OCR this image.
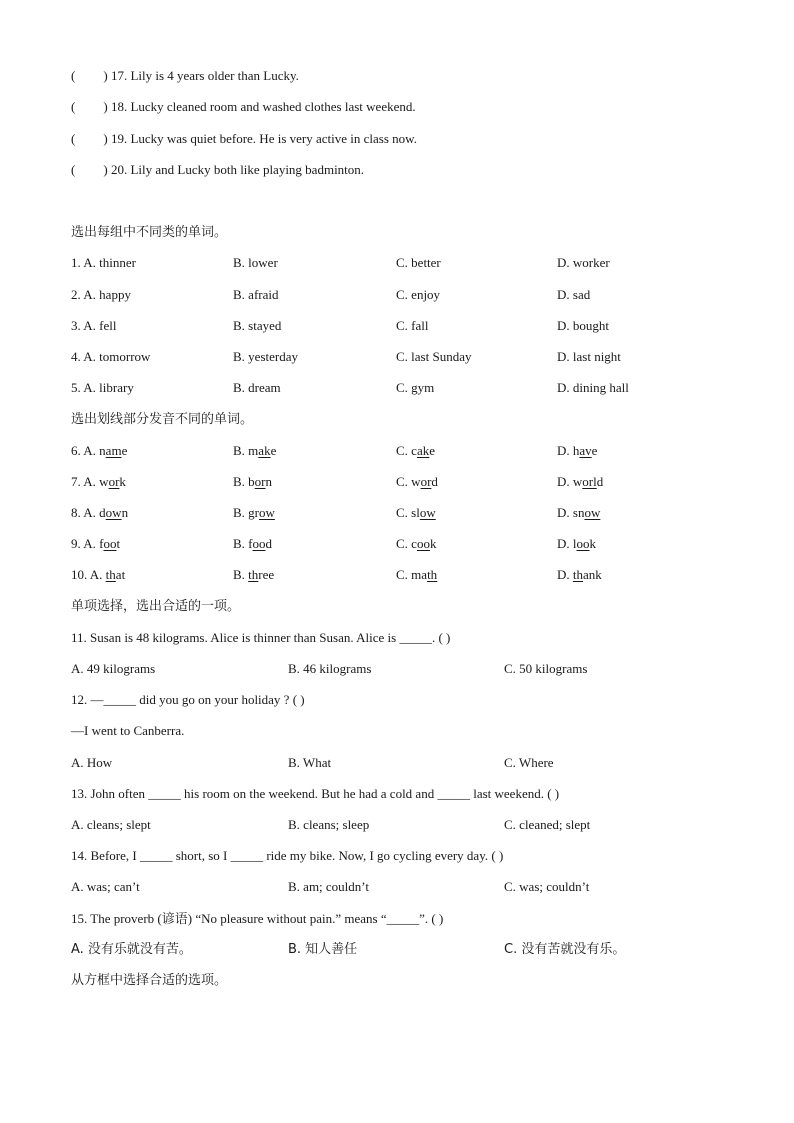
( ) 17. Lily is 4 years older than Lucky.
( ) 18. Lucky cleaned room and washed clothes last weekend.
( ) 19. Lucky was quiet before. He is very active in class now.
( ) 20. Lily and Lucky both like playing badminton.
选出每组中不同类的单词。
1. A. thinner	B. lower	C. better	D. worker
2. A. happy	B. afraid	C. enjoy	D. sad
3. A. fell	B. stayed	C. fall	D. bought
4. A. tomorrow	B. yesterday	C. last Sunday	D. last night
5. A. library	B. dream	C. gym	D. dining hall
选出划线部分发音不同的单词。
6. A. name	B. make	C. cake	D. have
7. A. work	B. born	C. word	D. world
8. A. down	B. grow	C. slow	D. snow
9. A. foot	B. food	C. cook	D. look
10. A. that	B. three	C. math	D. thank
单项选择，选出合适的一项。
11. Susan is 48 kilograms. Alice is thinner than Susan. Alice is _____. ( )
A. 49 kilograms	B. 46 kilograms	C. 50 kilograms
12. —_____ did you go on your holiday ? ( )
—I went to Canberra.
A. How	B. What	C. Where
13. John often _____ his room on the weekend. But he had a cold and _____ last weekend. ( )
A. cleans; slept	B. cleans; sleep	C. cleaned; slept
14. Before, I _____ short, so I _____ ride my bike. Now, I go cycling every day. ( )
A. was; can’t	B. am; couldn’t	C. was; couldn’t
15. The proverb (谚语) “No pleasure without pain.” means “_____”. ( )
A. 没有乐就没有苦。	B. 知人善任	C. 没有苦就没有乐。
从方框中选择合适的选项。
